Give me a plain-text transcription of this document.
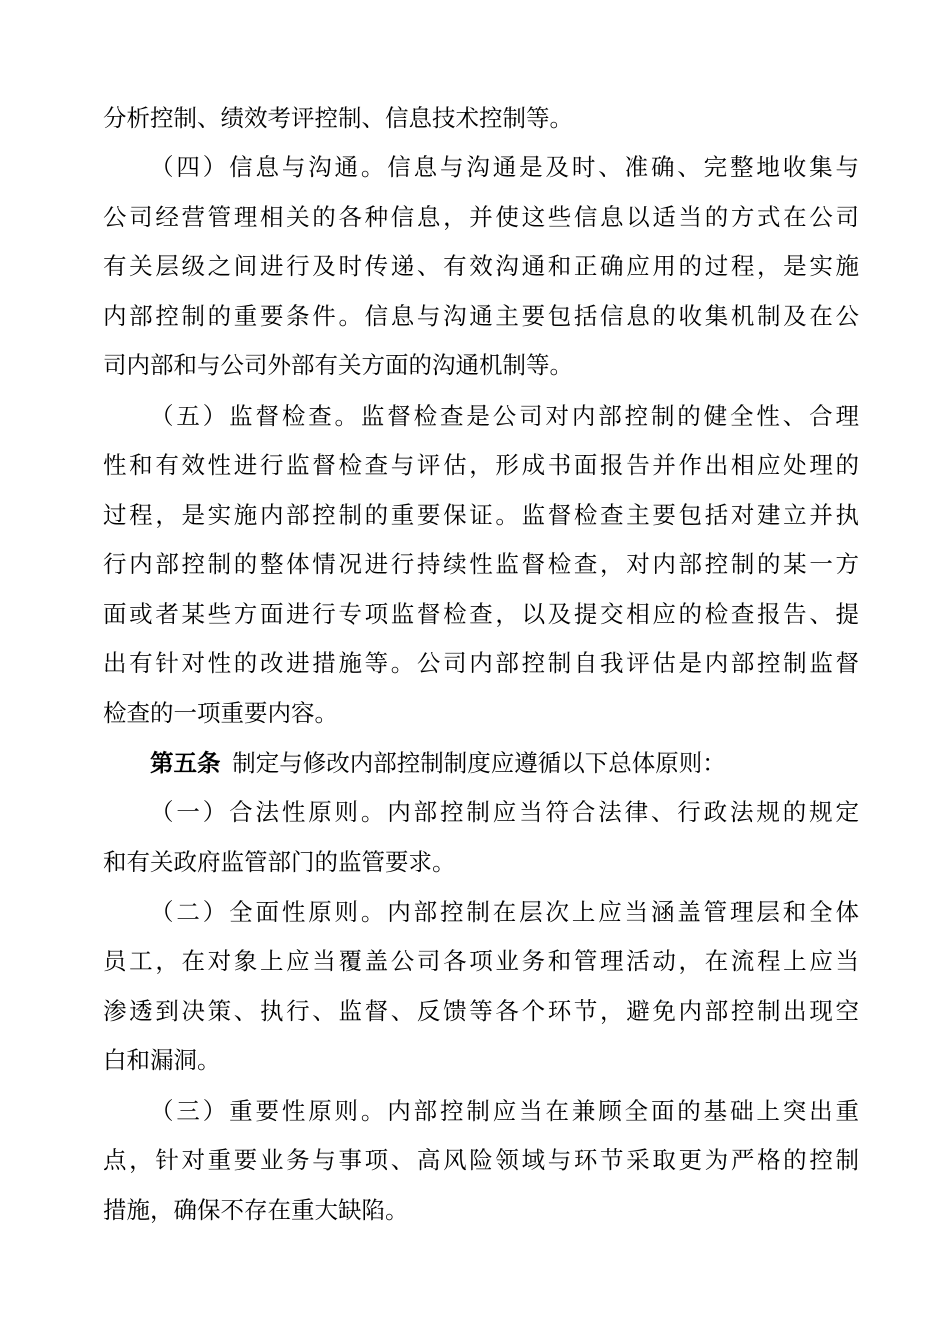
分析控制、绩效考评控制、信息技术控制等。
（四）信息与沟通。信息与沟通是及时、准确、完整地收集与
公司经营管理相关的各种信息，并使这些信息以适当的方式在公司
有关层级之间进行及时传递、有效沟通和正确应用的过程，是实施
内部控制的重要条件。信息与沟通主要包括信息的收集机制及在公
司内部和与公司外部有关方面的沟通机制等。
（五）监督检查。监督检查是公司对内部控制的健全性、合理
性和有效性进行监督检查与评估，形成书面报告并作出相应处理的
过程，是实施内部控制的重要保证。监督检查主要包括对建立并执
行内部控制的整体情况进行持续性监督检查，对内部控制的某一方
面或者某些方面进行专项监督检查，以及提交相应的检查报告、提
出有针对性的改进措施等。公司内部控制自我评估是内部控制监督
检查的一项重要内容。
第五条  制定与修改内部控制制度应遵循以下总体原则：
（一）合法性原则。内部控制应当符合法律、行政法规的规定
和有关政府监管部门的监管要求。
（二）全面性原则。内部控制在层次上应当涵盖管理层和全体
员工，在对象上应当覆盖公司各项业务和管理活动，在流程上应当
渗透到决策、执行、监督、反馈等各个环节，避免内部控制出现空
白和漏洞。
（三）重要性原则。内部控制应当在兼顾全面的基础上突出重
点，针对重要业务与事项、高风险领域与环节采取更为严格的控制
措施，确保不存在重大缺陷。
